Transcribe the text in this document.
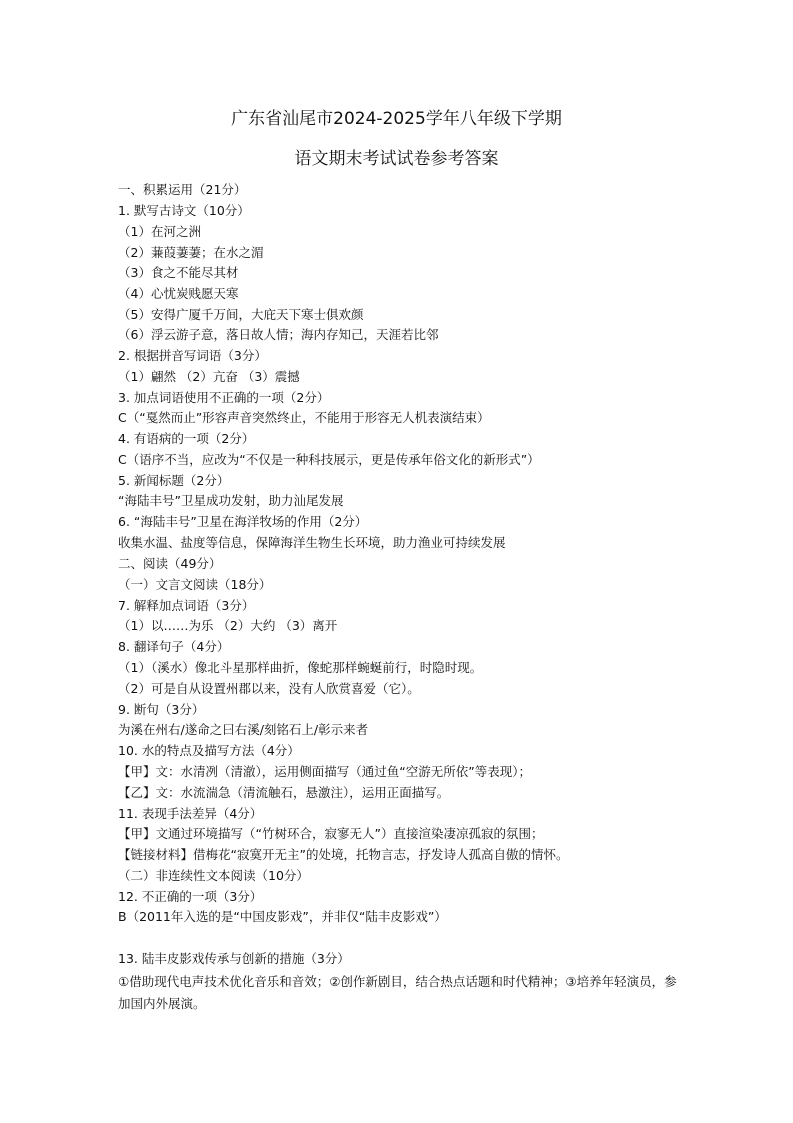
广东省汕尾市2024-2025学年八年级下学期
语文期末考试试卷参考答案
一、积累运用（21分）
1. 默写古诗文（10分）
（1）在河之洲
（2）蒹葭萋萋；在水之湄
（3）食之不能尽其材
（4）心忧炭贱愿天寒
（5）安得广厦千万间，大庇天下寒士俱欢颜
（6）浮云游子意，落日故人情；海内存知己，天涯若比邻
2. 根据拼音写词语（3分）
（1）翩然 （2）亢奋 （3）震撼
3. 加点词语使用不正确的一项（2分）
C（“戛然而止”形容声音突然终止，不能用于形容无人机表演结束）
4. 有语病的一项（2分）
C（语序不当，应改为“不仅是一种科技展示，更是传承年俗文化的新形式”）
5. 新闻标题（2分）
“海陆丰号”卫星成功发射，助力汕尾发展
6. “海陆丰号”卫星在海洋牧场的作用（2分）
收集水温、盐度等信息，保障海洋生物生长环境，助力渔业可持续发展
二、阅读（49分）
（一）文言文阅读（18分）
7. 解释加点词语（3分）
（1）以……为乐 （2）大约 （3）离开
8. 翻译句子（4分）
（1）（溪水）像北斗星那样曲折，像蛇那样蜿蜒前行，时隐时现。
（2）可是自从设置州郡以来，没有人欣赏喜爱（它）。
9. 断句（3分）
为溪在州右/遂命之曰右溪/刻铭石上/彰示来者
10. 水的特点及描写方法（4分）
【甲】文：水清冽（清澈），运用侧面描写（通过鱼“空游无所依”等表现）；
【乙】文：水流湍急（清流触石，悬激注），运用正面描写。
11. 表现手法差异（4分）
【甲】文通过环境描写（“竹树环合，寂寥无人”）直接渲染凄凉孤寂的氛围；
【链接材料】借梅花“寂寞开无主”的处境，托物言志，抒发诗人孤高自傲的情怀。
（二）非连续性文本阅读（10分）
12. 不正确的一项（3分）
B（2011年入选的是“中国皮影戏”，并非仅“陆丰皮影戏”）
13. 陆丰皮影戏传承与创新的措施（3分）
①借助现代电声技术优化音乐和音效；②创作新剧目，结合热点话题和时代精神；③培养年轻演员，参加国内外展演。
